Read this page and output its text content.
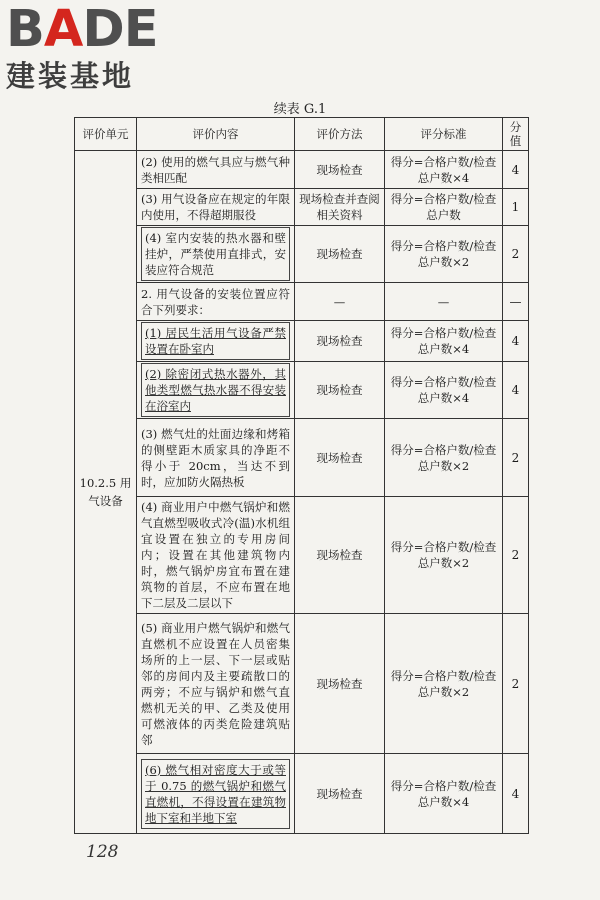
BADE
建装基地
续表 G.1
评价单元	评价内容	评价方法	评分标准	分值
10.2.5 用气设备	(2) 使用的燃气具应与燃气种类相匹配	现场检查	得分=合格户数/检查总户数×4	4
	(3) 用气设备应在规定的年限内使用，不得超期服役	现场检查并查阅相关资料	得分=合格户数/检查总户数	1

	(4) 室内安装的热水器和壁挂炉，严禁使用直排式，安装应符合规范	现场检查	得分=合格户数/检查总户数×2	2
	2. 用气设备的安装位置应符合下列要求：	—	—	—

	(1) 居民生活用气设备严禁设置在卧室内	现场检查	得分=合格户数/检查总户数×4	4

	(2) 除密闭式热水器外，其他类型燃气热水器不得安装在浴室内	现场检查	得分=合格户数/检查总户数×4	4
	(3) 燃气灶的灶面边缘和烤箱的侧壁距木质家具的净距不得小于 20cm，当达不到时，应加防火隔热板	现场检查	得分=合格户数/检查总户数×2	2
	(4) 商业用户中燃气锅炉和燃气直燃型吸收式冷(温)水机组宜设置在独立的专用房间内；设置在其他建筑物内时，燃气锅炉房宜布置在建筑物的首层，不应布置在地下二层及二层以下	现场检查	得分=合格户数/检查总户数×2	2
	(5) 商业用户燃气锅炉和燃气直燃机不应设置在人员密集场所的上一层、下一层或贴邻的房间内及主要疏散口的两旁；不应与锅炉和燃气直燃机无关的甲、乙类及使用可燃液体的丙类危险建筑贴邻	现场检查	得分=合格户数/检查总户数×2	2

	(6) 燃气相对密度大于或等于 0.75 的燃气锅炉和燃气直燃机，不得设置在建筑物地下室和半地下室	现场检查	得分=合格户数/检查总户数×4	4
128
